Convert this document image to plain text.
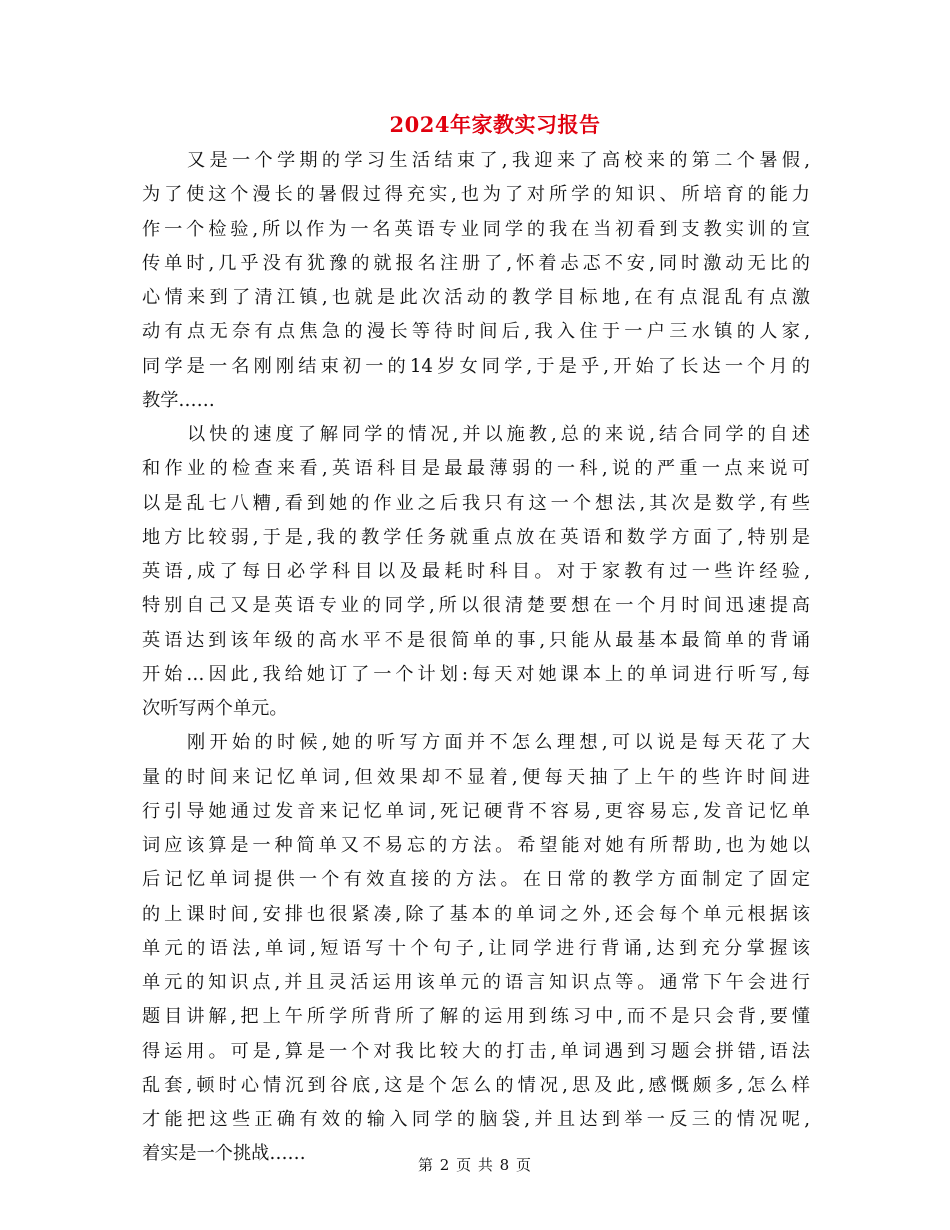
2024年家教实习报告
又是一个学期的学习生活结束了,我迎来了高校来的第二个暑假,
为了使这个漫长的暑假过得充实,也为了对所学的知识、所培育的能力
作一个检验,所以作为一名英语专业同学的我在当初看到支教实训的宣
传单时,几乎没有犹豫的就报名注册了,怀着忐忑不安,同时激动无比的
心情来到了清江镇,也就是此次活动的教学目标地,在有点混乱有点激
动有点无奈有点焦急的漫长等待时间后,我入住于一户三水镇的人家,
同学是一名刚刚结束初一的14岁女同学,于是乎,开始了长达一个月的
教学……
以快的速度了解同学的情况,并以施教,总的来说,结合同学的自述
和作业的检查来看,英语科目是最最薄弱的一科,说的严重一点来说可
以是乱七八糟,看到她的作业之后我只有这一个想法,其次是数学,有些
地方比较弱,于是,我的教学任务就重点放在英语和数学方面了,特别是
英语,成了每日必学科目以及最耗时科目。对于家教有过一些许经验,
特别自己又是英语专业的同学,所以很清楚要想在一个月时间迅速提高
英语达到该年级的高水平不是很简单的事,只能从最基本最简单的背诵
开始…因此,我给她订了一个计划:每天对她课本上的单词进行听写,每
次听写两个单元。
刚开始的时候,她的听写方面并不怎么理想,可以说是每天花了大
量的时间来记忆单词,但效果却不显着,便每天抽了上午的些许时间进
行引导她通过发音来记忆单词,死记硬背不容易,更容易忘,发音记忆单
词应该算是一种简单又不易忘的方法。希望能对她有所帮助,也为她以
后记忆单词提供一个有效直接的方法。在日常的教学方面制定了固定
的上课时间,安排也很紧凑,除了基本的单词之外,还会每个单元根据该
单元的语法,单词,短语写十个句子,让同学进行背诵,达到充分掌握该
单元的知识点,并且灵活运用该单元的语言知识点等。通常下午会进行
题目讲解,把上午所学所背所了解的运用到练习中,而不是只会背,要懂
得运用。可是,算是一个对我比较大的打击,单词遇到习题会拼错,语法
乱套,顿时心情沉到谷底,这是个怎么的情况,思及此,感慨颇多,怎么样
才能把这些正确有效的输入同学的脑袋,并且达到举一反三的情况呢,
着实是一个挑战……
第 2 页 共 8 页
